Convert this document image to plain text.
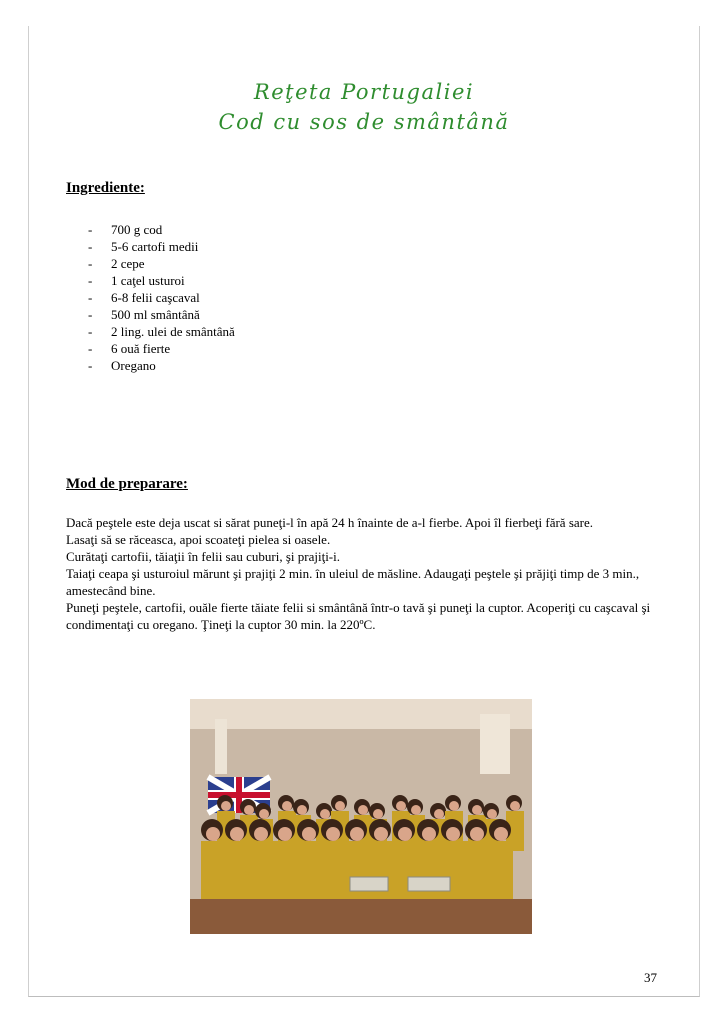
Reţeta Portugaliei
Cod cu sos de smântână
Ingrediente:
- 700 g cod
- 5-6 cartofi medii
- 2 cepe
- 1 caţel usturoi
- 6-8 felii caşcaval
- 500 ml smântână
- 2 ling. ulei de smântână
- 6 ouă fierte
- Oregano
Mod de preparare:

Dacă peştele este deja uscat si sărat puneţi-l în apă 24 h înainte de a-l fierbe. Apoi îl fierbeţi fără sare.

Lasaţi să se răceasca, apoi scoateţi pielea si oasele.

Curătaţi cartofii, tăiaţii în felii sau cuburi, şi prajiţi-i.

Taiaţi ceapa şi usturoiul mărunt şi prajiţi 2 min. în uleiul de măsline. Adaugaţi peştele şi prăjiţi timp de 3 min., amestecând bine.

Puneţi peştele, cartofii, ouăle fierte tăiate felii si smântână într-o tavă şi puneţi la cuptor. Acoperiţi cu caşcaval şi condimentaţi cu oregano. Ţineţi la cuptor 30 min. la 220ºC.

37
